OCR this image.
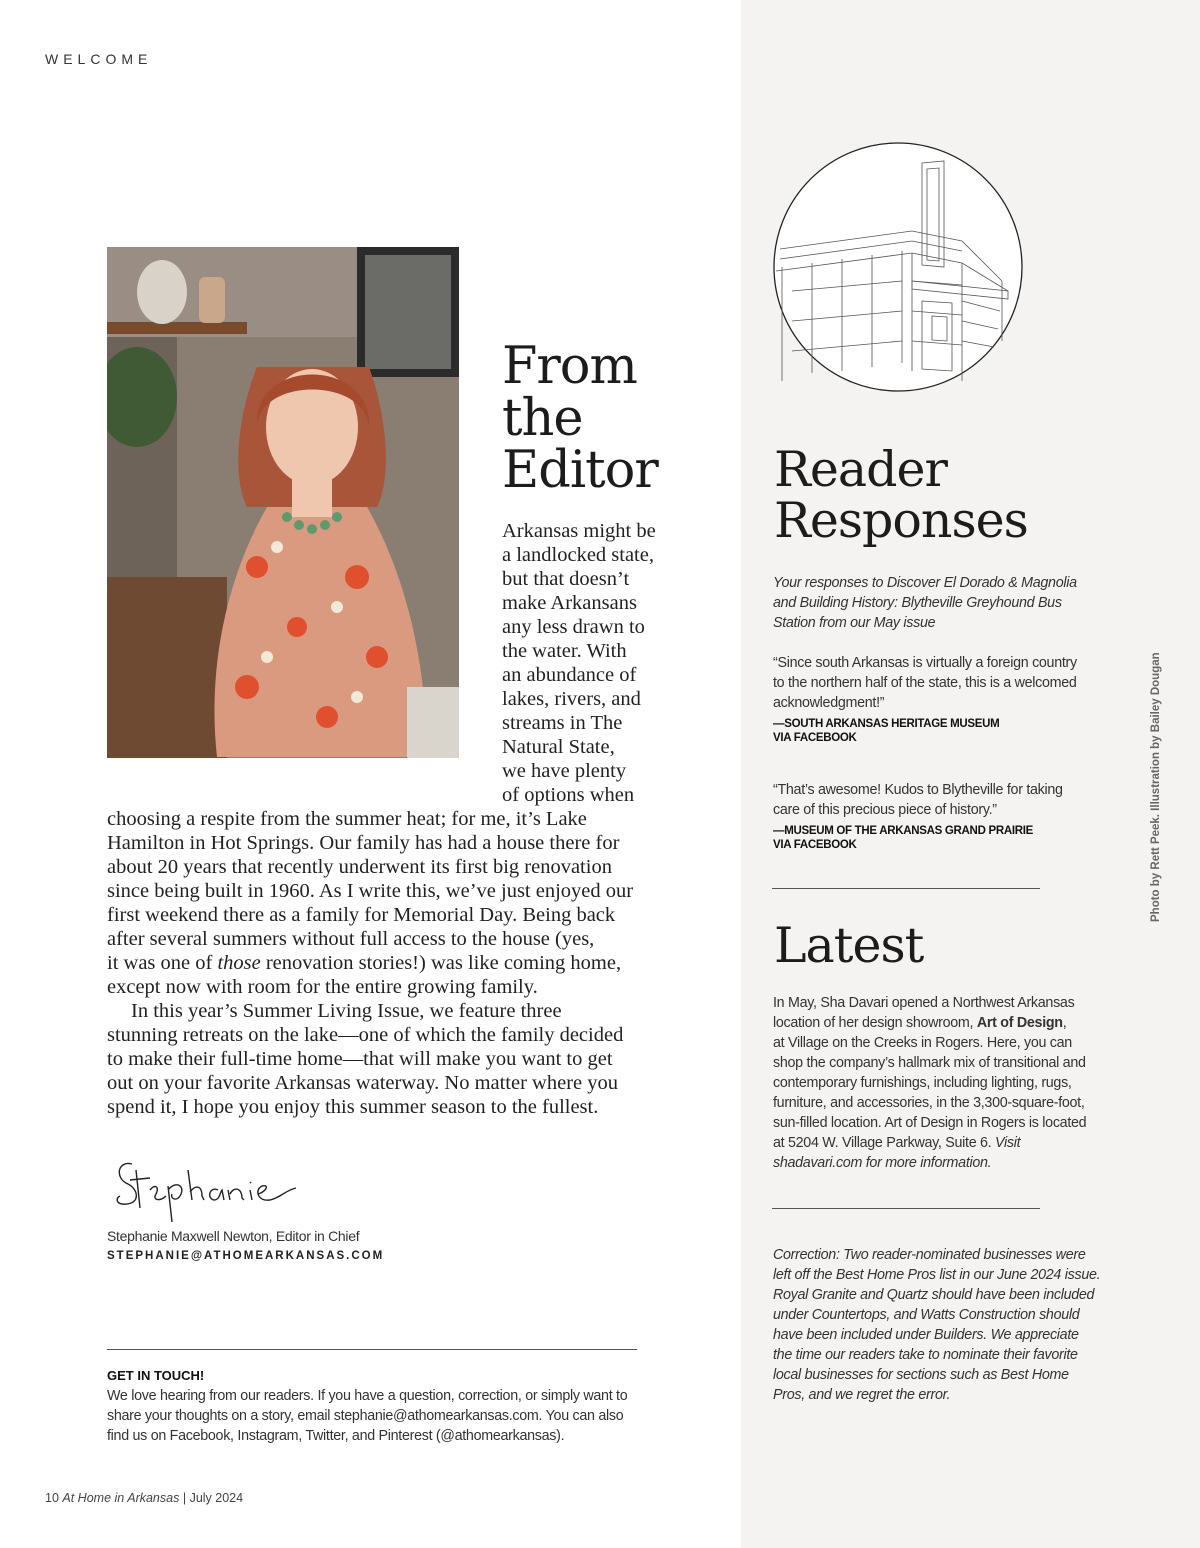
WELCOME
From
the
Editor

Arkansas might be

a landlocked state,

but that doesn’t

make Arkansans

any less drawn to

the water. With

an abundance of

lakes, rivers, and

streams in The

Natural State,

we have plenty

of options when

choosing a respite from the summer heat; for me, it’s Lake

Hamilton in Hot Springs. Our family has had a house there for

about 20 years that recently underwent its first big renovation

since being built in 1960. As I write this, we’ve just enjoyed our

first weekend there as a family for Memorial Day. Being back

after several summers without full access to the house (yes,

it was one of those renovation stories!) was like coming home,

except now with room for the entire growing family.

In this year’s Summer Living Issue, we feature three

stunning retreats on the lake—one of which the family decided

to make their full-time home—that will make you want to get

out on your favorite Arkansas waterway. No matter where you

spend it, I hope you enjoy this summer season to the fullest.

Stephanie Maxwell Newton, Editor in Chief
STEPHANIE@ATHOMEARKANSAS.COM
GET IN TOUCH!
We love hearing from our readers. If you have a question, correction, or simply want to
share your thoughts on a story, email stephanie@athomearkansas.com. You can also
find us on Facebook, Instagram, Twitter, and Pinterest (@athomearkansas).
10 At Home in Arkansas | July 2024
Reader
Responses
Your responses to Discover El Dorado & Magnolia
and Building History: Blytheville Greyhound Bus
Station from our May issue
“Since south Arkansas is virtually a foreign country
to the northern half of the state, this is a welcomed
acknowledgment!”
—SOUTH ARKANSAS HERITAGE MUSEUM
VIA FACEBOOK
“That’s awesome! Kudos to Blytheville for taking
care of this precious piece of history.”
—MUSEUM OF THE ARKANSAS GRAND PRAIRIE
VIA FACEBOOK
Latest
In May, Sha Davari opened a Northwest Arkansas
location of her design showroom, Art of Design,
at Village on the Creeks in Rogers. Here, you can
shop the company’s hallmark mix of transitional and
contemporary furnishings, including lighting, rugs,
furniture, and accessories, in the 3,300-square-foot,
sun-filled location. Art of Design in Rogers is located
at 5204 W. Village Parkway, Suite 6. Visit
shadavari.com for more information.
Correction: Two reader-nominated businesses were
left off the Best Home Pros list in our June 2024 issue.
Royal Granite and Quartz should have been included
under Countertops, and Watts Construction should
have been included under Builders. We appreciate
the time our readers take to nominate their favorite
local businesses for sections such as Best Home
Pros, and we regret the error.
Photo by Rett Peek. Illustration by Bailey Dougan
